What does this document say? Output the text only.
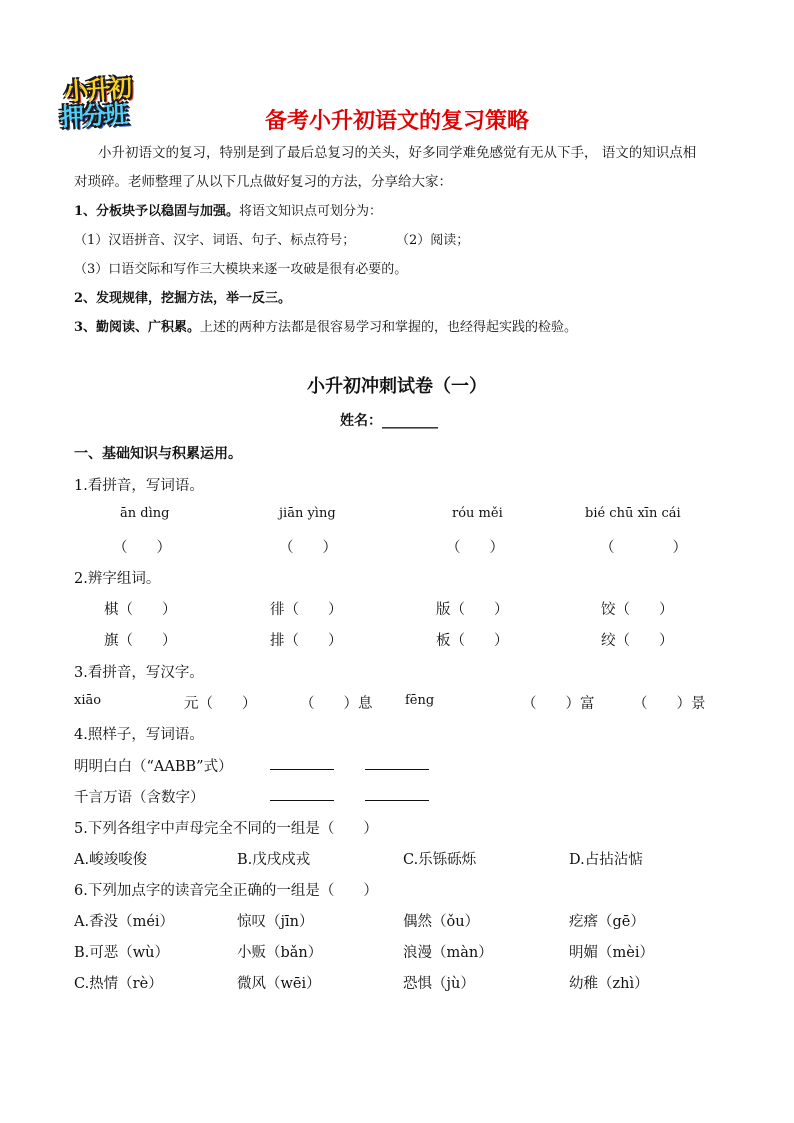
小升初
押分班	备考小升初语文的复习策略
小升初语文的复习，特别是到了最后总复习的关头，好多同学难免感觉有无从下手， 语文的知识点相
对琐碎。老师整理了从以下几点做好复习的方法，分享给大家：
1、分板块予以稳固与加强。将语文知识点可划分为：
（1）汉语拼音、汉字、词语、句子、标点符号；	（2）阅读；
（3）口语交际和写作三大模块来逐一攻破是很有必要的。
2、发现规律，挖掘方法，举一反三。
3、勤阅读、广积累。上述的两种方法都是很容易学习和掌握的，也经得起实践的检验。
小升初冲刺试卷（一）
姓名：________
一、基础知识与积累运用。
1.看拼音，写词语。
ān dìng	jiān yìng	róu měi	bié chū xīn cái
（　　）	（　　）	（　　）	（　　　　）
2.辨字组词。
棋（　　）	徘（　　）	版（　　）	饺（　　）
旗（　　）	排（　　）	板（　　）	绞（　　）
3.看拼音，写汉字。
xiāo	元（　　）	（　　）息	fēng	（　　）富	（　　）景
4.照样子，写词语。
明明白白（“AABB”式）
千言万语（含数字）
5.下列各组字中声母完全不同的一组是（　　）
A.峻竣唆俊	B.戊戌戍戎	C.乐铄砾烁	D.占拈沾惦
6.下列加点字的读音完全正确的一组是（　　）
A.香没（méi）	惊叹（jīn）	偶然（ǒu）	疙瘩（gē）
B.可恶（wù）	小贩（bǎn）	浪漫（màn）	明媚（mèi）
C.热情（rè）	微风（wēi）	恐惧（jù）	幼稚（zhì）
